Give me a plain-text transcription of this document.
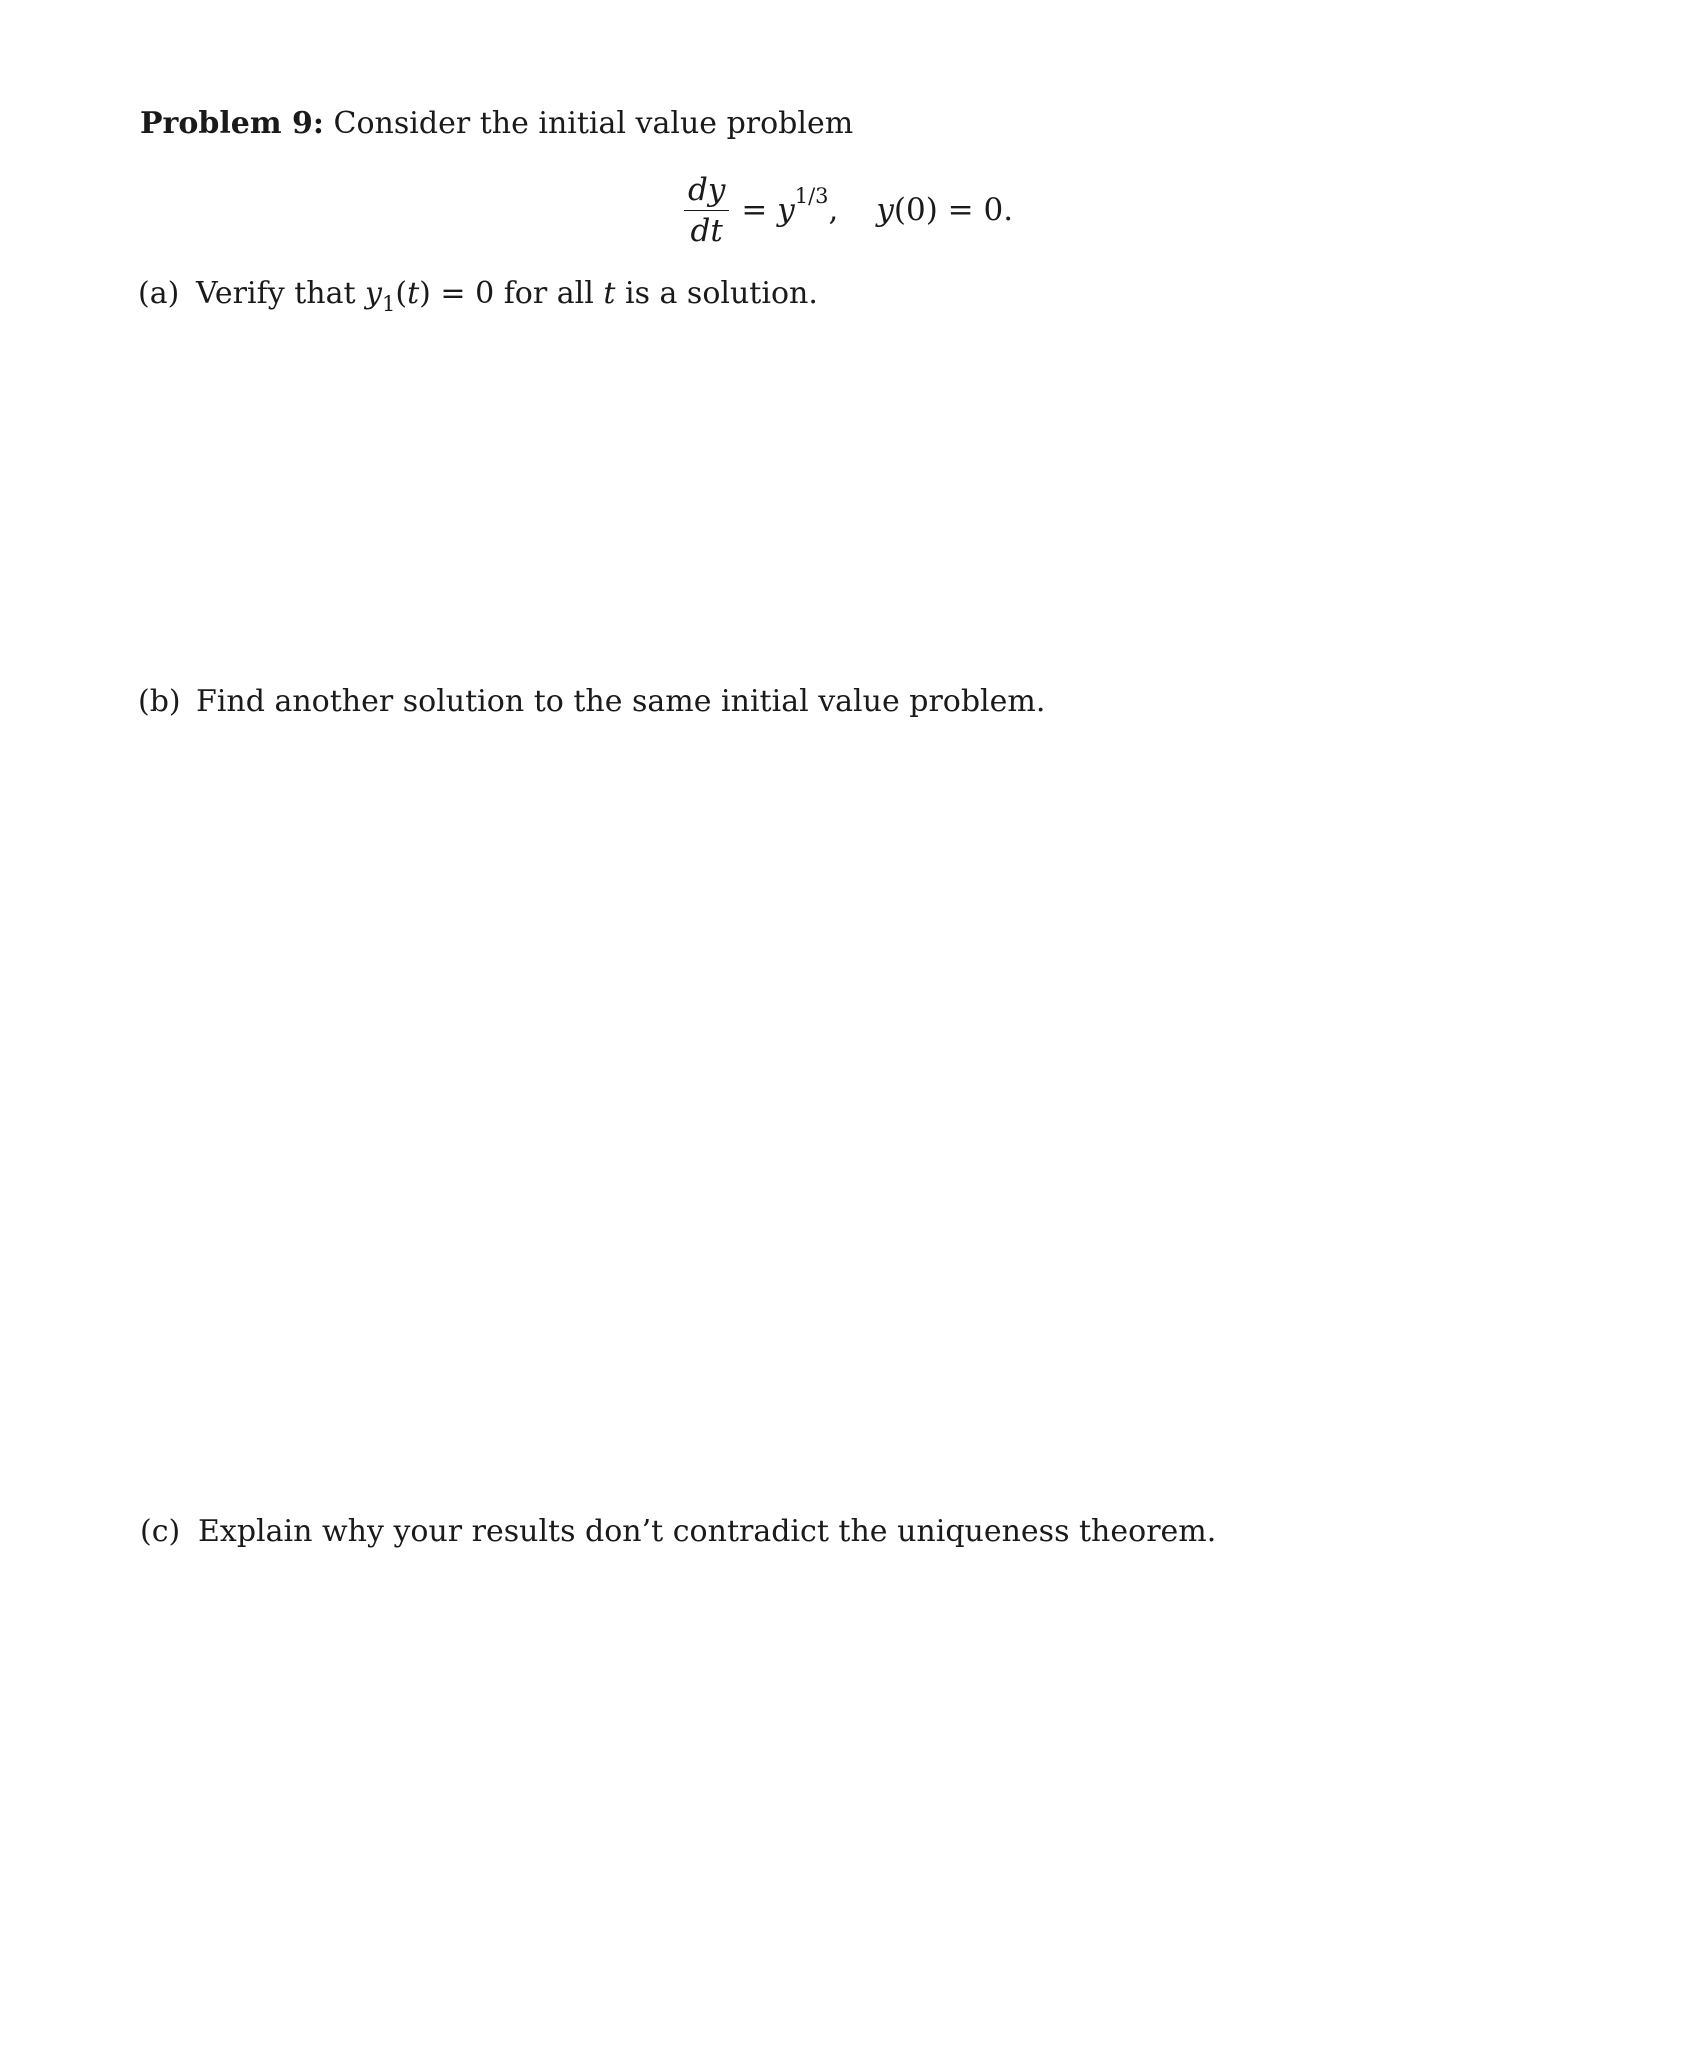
Problem 9: Consider the initial value problem
$\frac{dy}{dt}$ =
y 1/3 , y (0)
= 0.
(a) Verify that $y_1(t) = 0$ for all t is a solution.
(b) Find another solution to the same initial value problem.
(c) Explain why your results don’t contradict the uniqueness theorem.
